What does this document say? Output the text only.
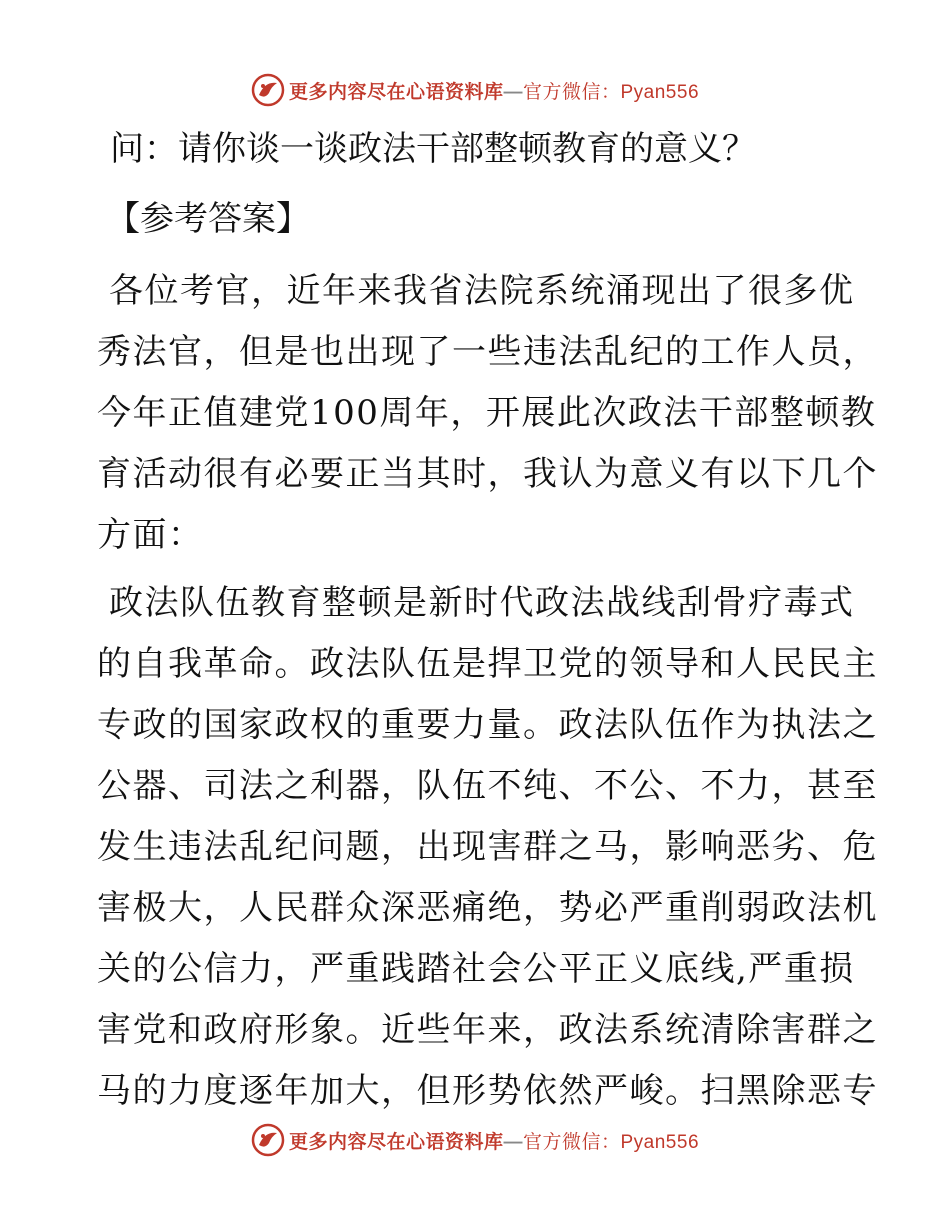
更多内容尽在心语资料库—官方微信：Pyan556
问：请你谈一谈政法干部整顿教育的意义？
【参考答案】
各位考官，近年来我省法院系统涌现出了很多优
秀法官，但是也出现了一些违法乱纪的工作人员，
今年正值建党100周年，开展此次政法干部整顿教
育活动很有必要正当其时，我认为意义有以下几个
方面：
政法队伍教育整顿是新时代政法战线刮骨疗毒式
的自我革命。政法队伍是捍卫党的领导和人民民主
专政的国家政权的重要力量。政法队伍作为执法之
公器、司法之利器，队伍不纯、不公、不力，甚至
发生违法乱纪问题，出现害群之马，影响恶劣、危
害极大，人民群众深恶痛绝，势必严重削弱政法机
关的公信力，严重践踏社会公平正义底线,严重损
害党和政府形象。近些年来，政法系统清除害群之
马的力度逐年加大，但形势依然严峻。扫黑除恶专
更多内容尽在心语资料库—官方微信：Pyan556
